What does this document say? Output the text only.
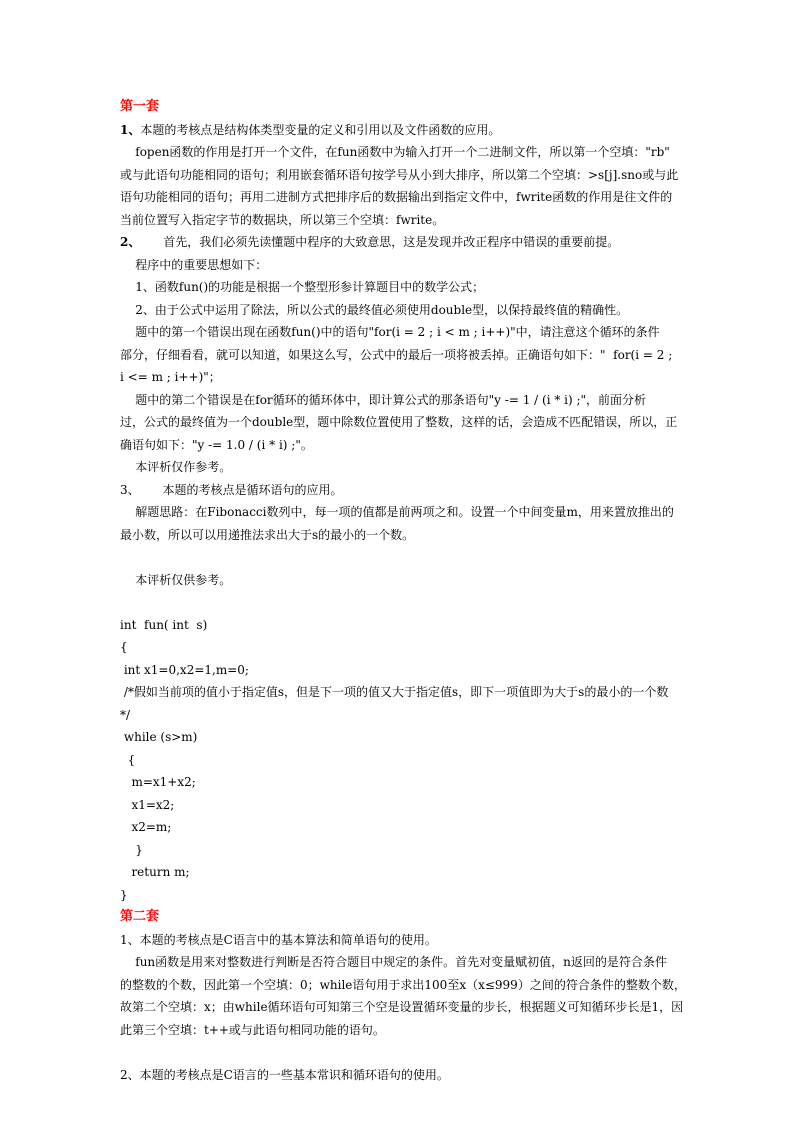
第一套
1、本题的考核点是结构体类型变量的定义和引用以及文件函数的应用。
fopen函数的作用是打开一个文件，在fun函数中为输入打开一个二进制文件，所以第一个空填："rb"
或与此语句功能相同的语句；利用嵌套循环语句按学号从小到大排序，所以第二个空填：>s[j].sno或与此
语句功能相同的语句；再用二进制方式把排序后的数据输出到指定文件中，fwrite函数的作用是往文件的
当前位置写入指定字节的数据块，所以第三个空填：fwrite。
2、      首先，我们必须先读懂题中程序的大致意思，这是发现并改正程序中错误的重要前提。
程序中的重要思想如下：
1、函数fun()的功能是根据一个整型形参计算题目中的数学公式；
2、由于公式中运用了除法，所以公式的最终值必须使用double型，以保持最终值的精确性。
题中的第一个错误出现在函数fun()中的语句"for(i = 2 ; i < m ; i++)"中，请注意这个循环的条件
部分，仔细看看，就可以知道，如果这么写，公式中的最后一项将被丢掉。正确语句如下："  for(i = 2 ;
i <= m ; i++)"；
题中的第二个错误是在for循环的循环体中，即计算公式的那条语句"y -= 1 / (i * i) ;"，前面分析
过，公式的最终值为一个double型，题中除数位置使用了整数，这样的话，会造成不匹配错误，所以，正
确语句如下："y -= 1.0 / (i * i) ;"。
本评析仅作参考。
3、      本题的考核点是循环语句的应用。
解题思路：在Fibonacci数列中，每一项的值都是前两项之和。设置一个中间变量m，用来置放推出的
最小数，所以可以用递推法求出大于s的最小的一个数。
本评析仅供参考。
int  fun( int  s)
{
int x1=0,x2=1,m=0;
/*假如当前项的值小于指定值s，但是下一项的值又大于指定值s，即下一项值即为大于s的最小的一个数
*/
while (s>m)
{
m=x1+x2;
x1=x2;
x2=m;
}
return m;
}
第二套
1、本题的考核点是C语言中的基本算法和简单语句的使用。
fun函数是用来对整数进行判断是否符合题目中规定的条件。首先对变量赋初值，n返回的是符合条件
的整数的个数，因此第一个空填：0；while语句用于求出100至x（x≤999）之间的符合条件的整数个数，
故第二个空填：x；由while循环语句可知第三个空是设置循环变量的步长，根据题义可知循环步长是1，因
此第三个空填：t++或与此语句相同功能的语句。
2、本题的考核点是C语言的一些基本常识和循环语句的使用。
